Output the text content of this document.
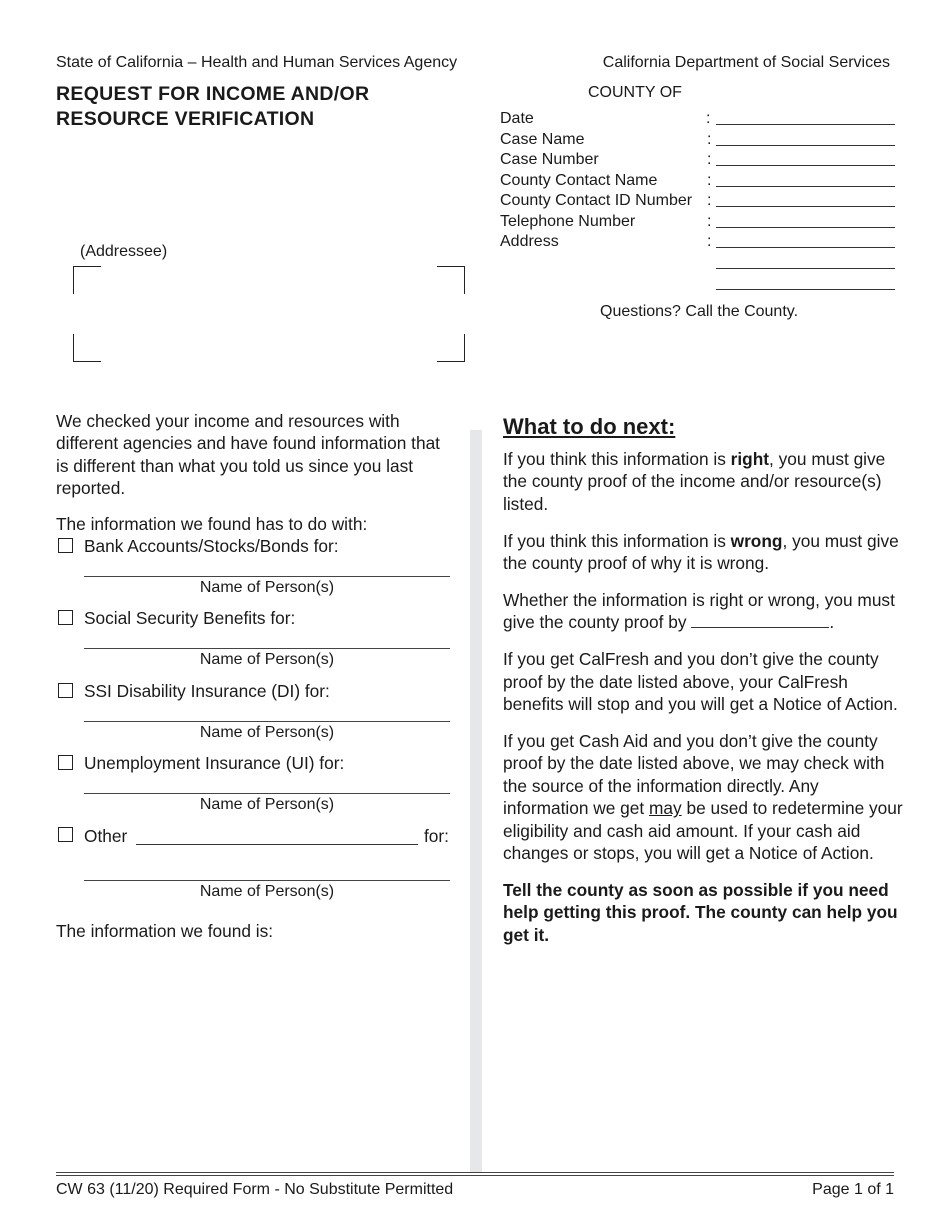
State of California – Health and Human Services Agency	California Department of Social Services
REQUEST FOR INCOME AND/OR
RESOURCE VERIFICATION
COUNTY OF
Date	:
Case Name	:
Case Number	:
County Contact Name	:
County Contact ID Number :
Telephone Number	:
Address	:
Questions? Call the County.
(Addressee)
We checked your income and resources with different agencies and have found information that is different than what you told us since you last reported.
The information we found has to do with:
Bank Accounts/Stocks/Bonds for:
Name of Person(s)
Social Security Benefits for:
Name of Person(s)
SSI Disability Insurance (DI) for:
Name of Person(s)
Unemployment Insurance (UI) for:
Name of Person(s)
Other	for:
Name of Person(s)
The information we found is:
What to do next:

If you think this information is right, you must give the county proof of the income and/or resource(s) listed.

If you think this information is wrong, you must give the county proof of why it is wrong.

Whether the information is right or wrong, you must give the county proof by	.

If you get CalFresh and you don’t give the county proof by the date listed above, your CalFresh benefits will stop and you will get a Notice of Action.

If you get Cash Aid and you don’t give the county proof by the date listed above, we may check with the source of the information directly. Any information we get may be used to redetermine your eligibility and cash aid amount. If your cash aid changes or stops, you will get a Notice of Action.

Tell the county as soon as possible if you need help getting this proof. The county can help you get it.

CW 63 (11/20) Required Form - No Substitute Permitted	Page 1 of 1
